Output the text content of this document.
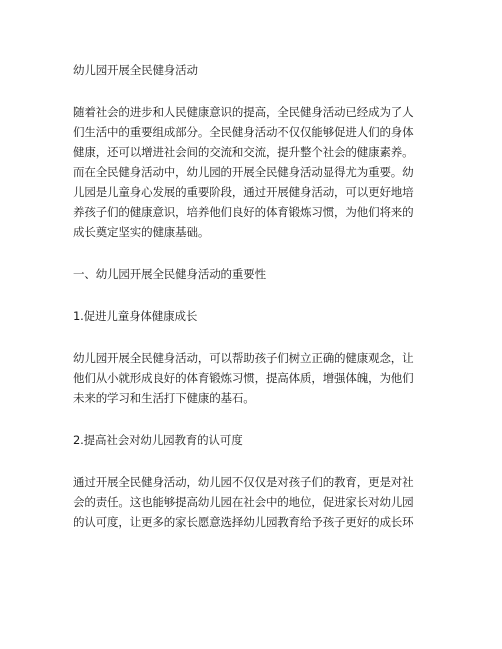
幼儿园开展全民健身活动
随着社会的进步和人民健康意识的提高，全民健身活动已经成为了人
们生活中的重要组成部分。全民健身活动不仅仅能够促进人们的身体
健康，还可以增进社会间的交流和交流，提升整个社会的健康素养。
而在全民健身活动中，幼儿园的开展全民健身活动显得尤为重要。幼
儿园是儿童身心发展的重要阶段，通过开展健身活动，可以更好地培
养孩子们的健康意识，培养他们良好的体育锻炼习惯，为他们将来的
成长奠定坚实的健康基础。
一、幼儿园开展全民健身活动的重要性
1.促进儿童身体健康成长
幼儿园开展全民健身活动，可以帮助孩子们树立正确的健康观念，让
他们从小就形成良好的体育锻炼习惯，提高体质，增强体魄，为他们
未来的学习和生活打下健康的基石。
2.提高社会对幼儿园教育的认可度
通过开展全民健身活动，幼儿园不仅仅是对孩子们的教育，更是对社
会的责任。这也能够提高幼儿园在社会中的地位，促进家长对幼儿园
的认可度，让更多的家长愿意选择幼儿园教育给予孩子更好的成长环
